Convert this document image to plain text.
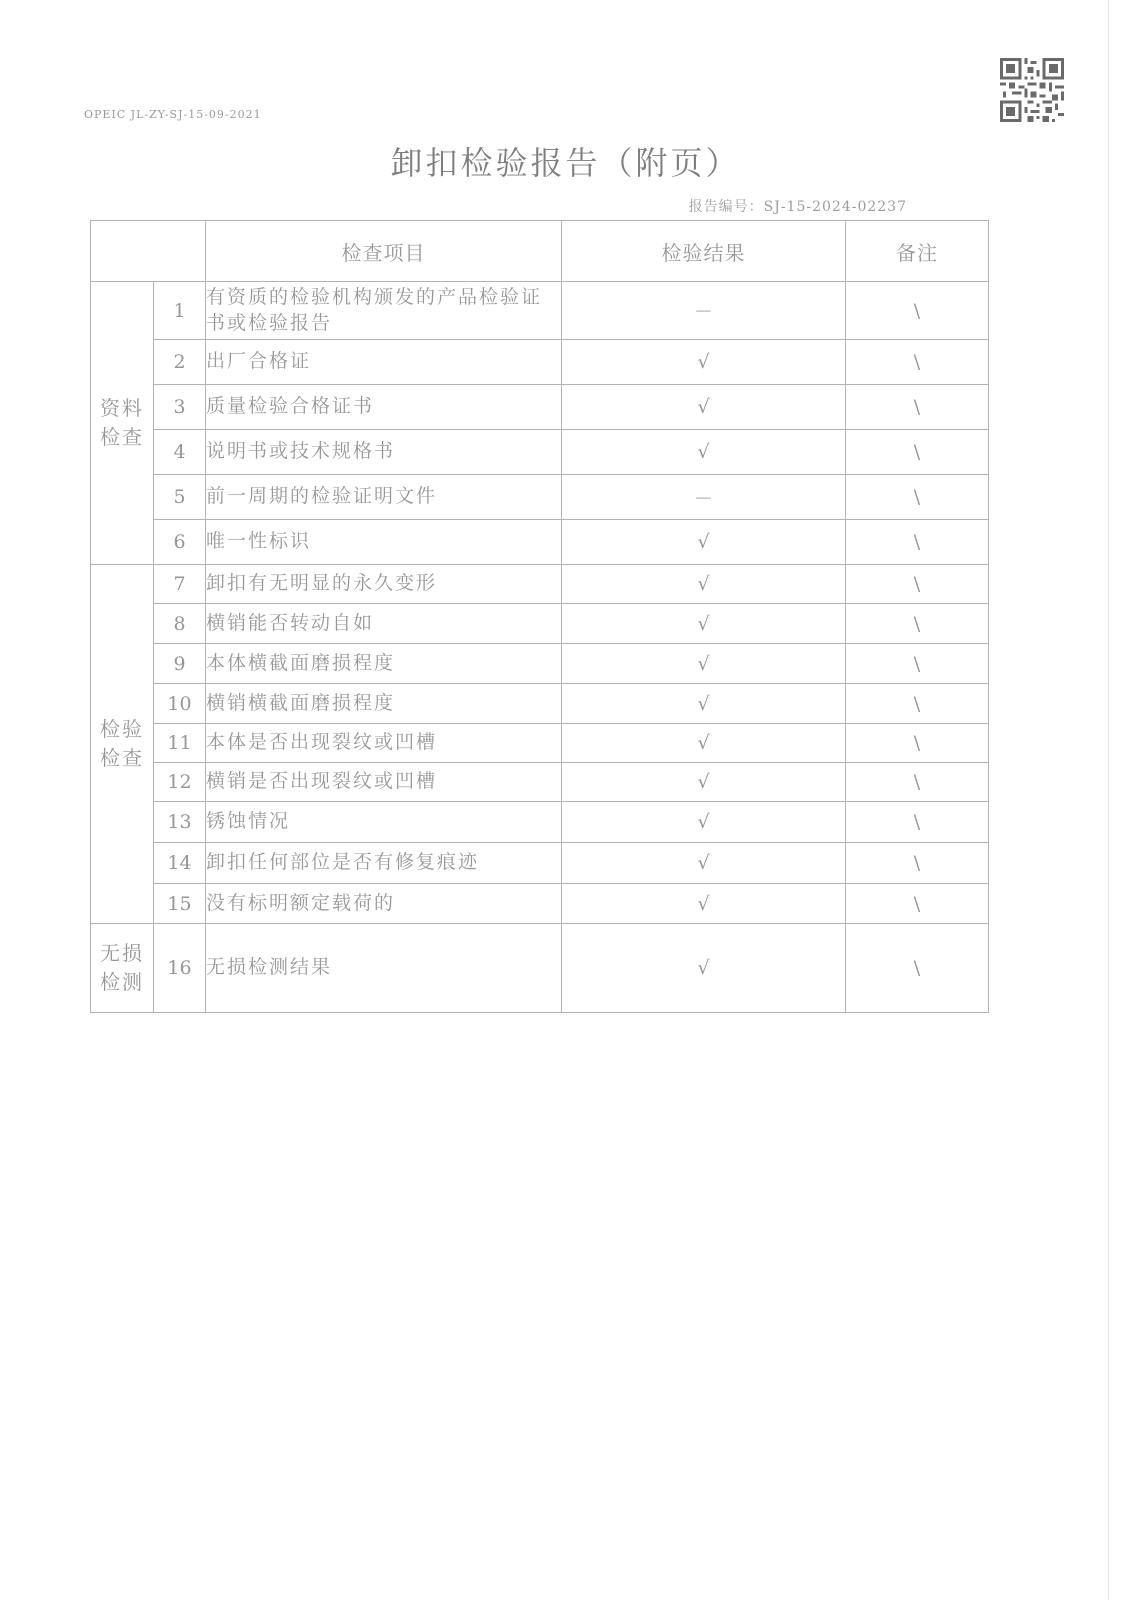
OPEIC JL-ZY-SJ-15-09-2021
卸扣检验报告（附页）
报告编号：SJ-15-2024-02237
		检查项目	检验结果	备注
资料检查	1	有资质的检验机构颁发的产品检验证书或检验报告	－	\
	2	出厂合格证	√	\
	3	质量检验合格证书	√	\
	4	说明书或技术规格书	√	\
	5	前一周期的检验证明文件	－	\
	6	唯一性标识	√	\
检验检查	7	卸扣有无明显的永久变形	√	\
	8	横销能否转动自如	√	\
	9	本体横截面磨损程度	√	\
	10	横销横截面磨损程度	√	\
	11	本体是否出现裂纹或凹槽	√	\
	12	横销是否出现裂纹或凹槽	√	\
	13	锈蚀情况	√	\
	14	卸扣任何部位是否有修复痕迹	√	\
	15	没有标明额定载荷的	√	\
无损检测	16	无损检测结果	√	\
